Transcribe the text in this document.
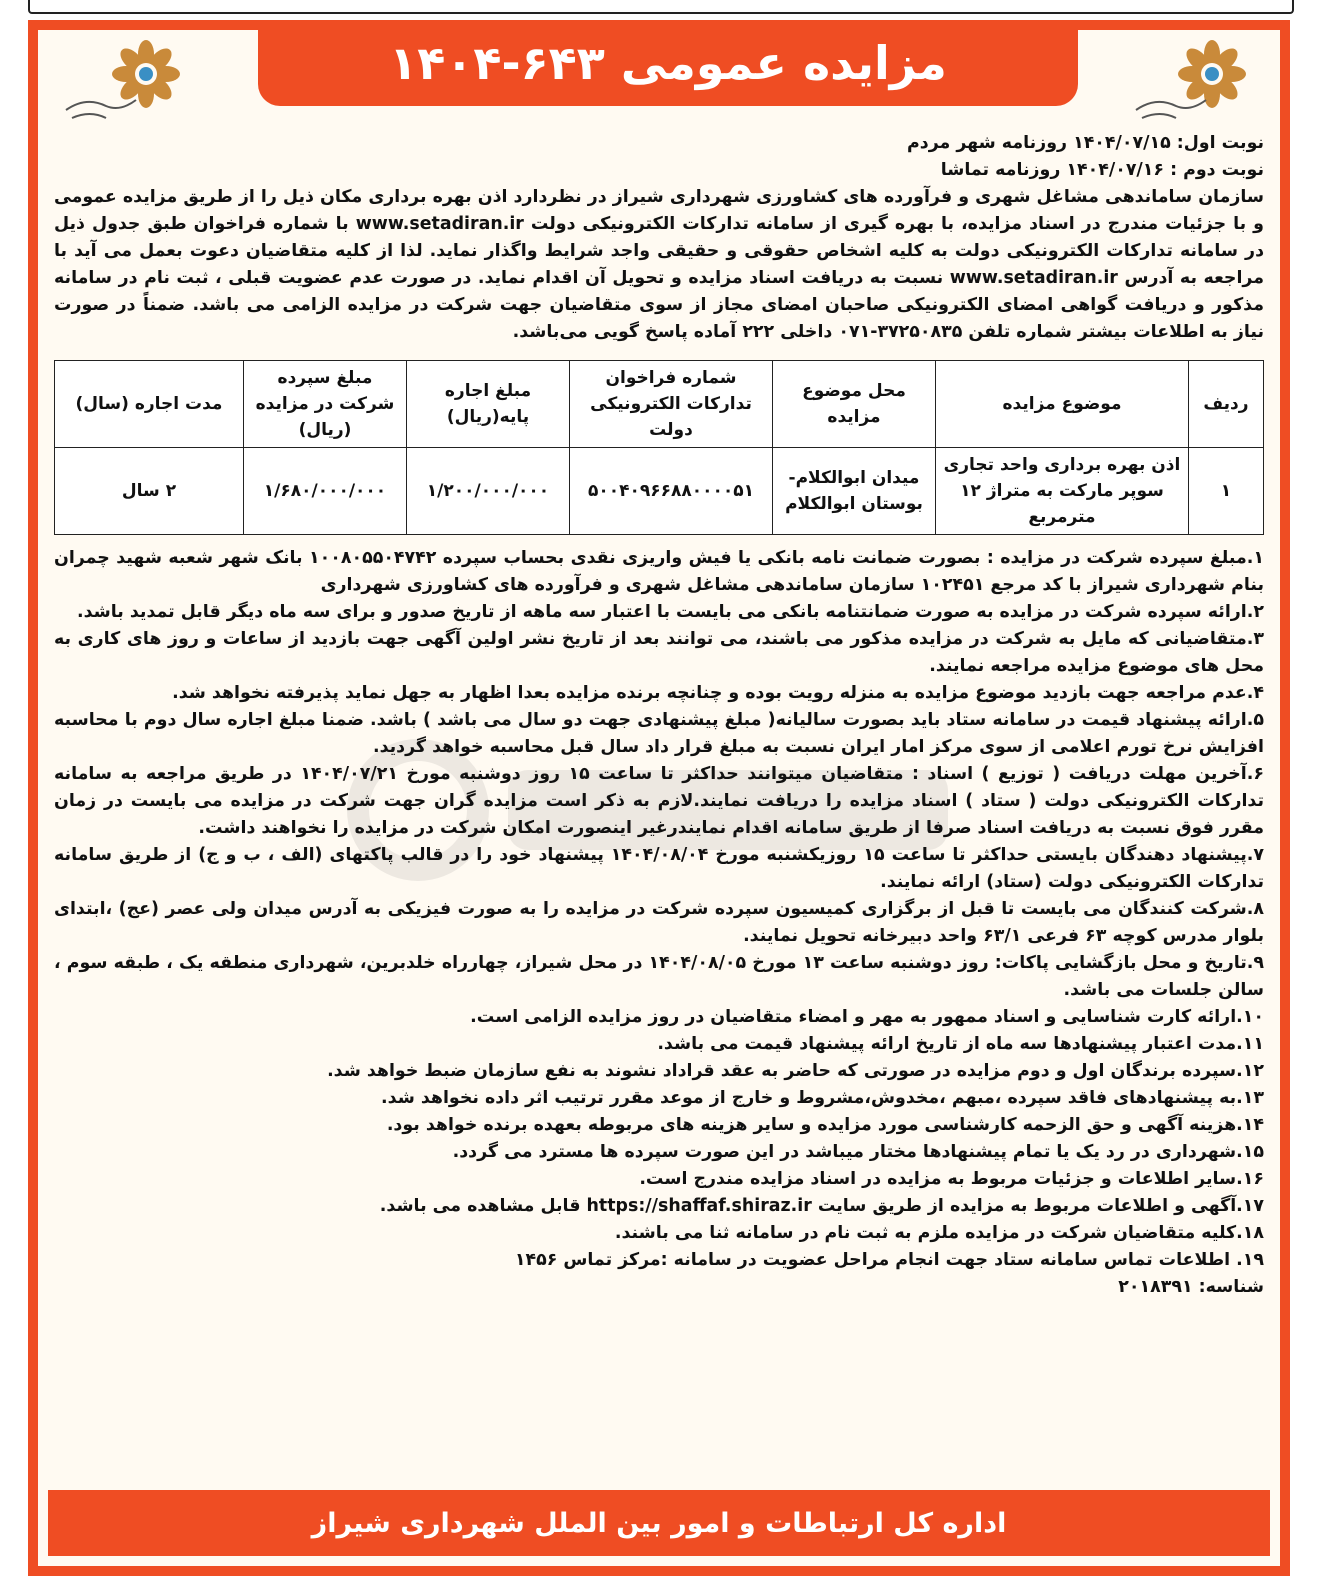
مزایده عمومی ۶۴۳-۱۴۰۴

نوبت اول: ۱۴۰۴/۰۷/۱۵ روزنامه شهر مردم

نوبت دوم : ۱۴۰۴/۰۷/۱۶ روزنامه تماشا

سازمان ساماندهی مشاغل شهری و فرآورده های کشاورزی شهرداری شیراز در نظردارد اذن بهره برداری مکان ذیل را از طریق مزایده عمومی و با جزئیات مندرج در اسناد مزایده، با بهره گیری از سامانه تدارکات الکترونیکی دولت www.setadiran.ir با شماره فراخوان طبق جدول ذیل در سامانه تدارکات الکترونیکی دولت به کلیه اشخاص حقوقی و حقیقی واجد شرایط واگذار نماید. لذا از کلیه متقاضیان دعوت بعمل می آید با مراجعه به آدرس www.setadiran.ir نسبت به دریافت اسناد مزایده و تحویل آن اقدام نماید. در صورت عدم عضویت قبلی ، ثبت نام در سامانه مذکور و دریافت گواهی امضای الکترونیکی صاحبان امضای مجاز از سوی متقاضیان جهت شرکت در مزایده الزامی می باشد. ضمناً در صورت نیاز به اطلاعات بیشتر شماره تلفن ۳۷۲۵۰۸۳۵-۰۷۱ داخلی ۲۲۲ آماده پاسخ گویی می‌باشد.

ردیف	موضوع مزایده	محل موضوع مزایده	شماره فراخوان تدارکات الکترونیکی دولت	مبلغ اجاره پایه(ریال)	مبلغ سپرده شرکت در مزایده (ریال)	مدت اجاره (سال)
۱	اذن بهره برداری واحد تجاری سوپر مارکت به متراژ ۱۲ مترمربع	میدان ابوالکلام- بوستان ابوالکلام	۵۰۰۴۰۹۶۶۸۸۰۰۰۰۵۱	۱/۲۰۰/۰۰۰/۰۰۰	۱/۶۸۰/۰۰۰/۰۰۰	۲ سال

۱.مبلغ سپرده شرکت در مزایده : بصورت ضمانت نامه بانکی یا فیش واریزی نقدی بحساب سپرده ۱۰۰۸۰۵۵۰۴۷۴۲ بانک شهر شعبه شهید چمران بنام شهرداری شیراز با کد مرجع ۱۰۲۴۵۱ سازمان ساماندهی مشاغل شهری و فرآورده های کشاورزی شهرداری

۲.ارائه سپرده شرکت در مزایده به صورت ضمانتنامه بانکی می بایست با اعتبار سه ماهه از تاریخ صدور و برای سه ماه دیگر قابل تمدید باشد.

۳.متقاضیانی که مایل به شرکت در مزایده مذکور می باشند، می توانند بعد از تاریخ نشر اولین آگهی جهت بازدید از ساعات و روز های کاری به محل های موضوع مزایده مراجعه نمایند.

۴.عدم مراجعه جهت بازدید موضوع مزایده به منزله رویت بوده و چنانچه برنده مزایده بعدا اظهار به جهل نماید پذیرفته نخواهد شد.

۵.ارائه پیشنهاد قیمت در سامانه ستاد باید بصورت سالیانه( مبلغ پیشنهادی جهت دو سال می باشد ) باشد. ضمنا مبلغ اجاره سال دوم با محاسبه افزایش نرخ تورم اعلامی از سوی مرکز امار ایران نسبت به مبلغ قرار داد سال قبل محاسبه خواهد گردید.

۶.آخرین مهلت دریافت ( توزیع ) اسناد : متقاضیان میتوانند حداکثر تا ساعت ۱۵ روز دوشنبه مورخ ۱۴۰۴/۰۷/۲۱ در طریق مراجعه به سامانه تدارکات الکترونیکی دولت ( ستاد ) اسناد مزایده را دریافت نمایند.لازم به ذکر است مزایده گران جهت شرکت در مزایده می بایست در زمان مقرر فوق نسبت به دریافت اسناد صرفا از طریق سامانه اقدام نمایندرغیر اینصورت امکان شرکت در مزایده را نخواهند داشت.

۷.پیشنهاد دهندگان بایستی حداکثر تا ساعت ۱۵ روزیکشنبه مورخ ۱۴۰۴/۰۸/۰۴ پیشنهاد خود را در قالب پاکتهای (الف ، ب و ج) از طریق سامانه تدارکات الکترونیکی دولت (ستاد) ارائه نمایند.

۸.شرکت کنندگان می بایست تا قبل از برگزاری کمیسیون سپرده شرکت در مزایده را به صورت فیزیکی به آدرس میدان ولی عصر (عج) ،ابتدای بلوار مدرس کوچه ۶۳ فرعی ۶۳/۱ واحد دبیرخانه تحویل نمایند.

۹.تاریخ و محل بازگشایی پاکات: روز دوشنبه ساعت ۱۳ مورخ ۱۴۰۴/۰۸/۰۵ در محل شیراز، چهارراه خلدبرین، شهرداری منطقه یک ، طبقه سوم ، سالن جلسات می باشد.

۱۰.ارائه کارت شناسایی و اسناد ممهور به مهر و امضاء متقاضیان در روز مزایده الزامی است.

۱۱.مدت اعتبار پیشنهادها سه ماه از تاریخ ارائه پیشنهاد قیمت می باشد.

۱۲.سپرده برندگان اول و دوم مزایده در صورتی که حاضر به عقد قراداد نشوند به نفع سازمان ضبط خواهد شد.

۱۳.به پیشنهادهای فاقد سپرده ،مبهم ،مخدوش،مشروط و خارج از موعد مقرر ترتیب اثر داده نخواهد شد.

۱۴.هزینه آگهی و حق الزحمه کارشناسی مورد مزایده و سایر هزینه های مربوطه بعهده برنده خواهد بود.

۱۵.شهرداری در رد یک یا تمام پیشنهادها مختار میباشد در این صورت سپرده ها مسترد می گردد.

۱۶.سایر اطلاعات و جزئیات مربوط به مزایده در اسناد مزایده مندرج است.

۱۷.آگهی و اطلاعات مربوط به مزایده از طریق سایت https://shaffaf.shiraz.ir قابل مشاهده می باشد.

۱۸.کلیه متقاضیان شرکت در مزایده ملزم به ثبت نام در سامانه ثنا می باشند.

۱۹. اطلاعات تماس سامانه ستاد جهت انجام مراحل عضویت در سامانه :مرکز تماس ۱۴۵۶

شناسه: ۲۰۱۸۳۹۱

اداره کل ارتباطات و امور بین الملل شهرداری شیراز
